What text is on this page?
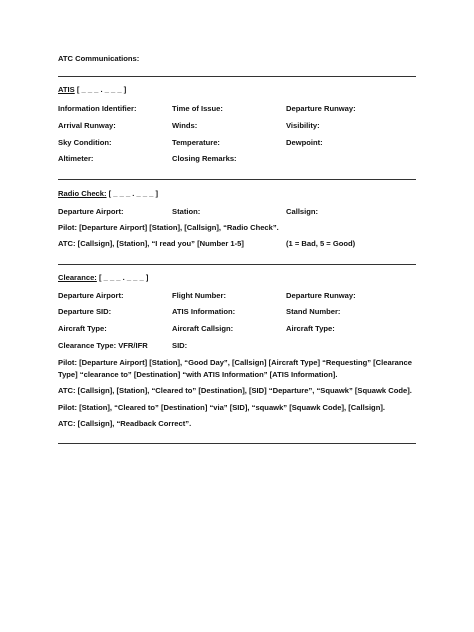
ATC Communications:
ATIS [ _ _ _ . _ _ _ ]
Information Identifier:	Time of Issue:	Departure Runway:
Arrival Runway:	Winds:	Visibility:
Sky Condition:	Temperature:	Dewpoint:
Altimeter:	Closing Remarks:
Radio Check: [ _ _ _ . _ _ _ ]
Departure Airport:	Station:	Callsign:
Pilot: [Departure Airport] [Station], [Callsign], “Radio Check”.
ATC: [Callsign], [Station], “I read you” [Number 1-5]	(1 = Bad, 5 = Good)
Clearance: [ _ _ _ . _ _ _ ]
Departure Airport:	Flight Number:	Departure Runway:
Departure SID:	ATIS Information:	Stand Number:
Aircraft Type:	Aircraft Callsign:	Aircraft Type:
Clearance Type: VFR/IFR	SID:
Pilot: [Departure Airport] [Station], “Good Day”, [Callsign] [Aircraft Type] “Requesting” [Clearance Type] “clearance to” [Destination] “with ATIS Information” [ATIS Information].
ATC: [Callsign], [Station], “Cleared to” [Destination], [SID] “Departure”, “Squawk” [Squawk Code].
Pilot: [Station], “Cleared to” [Destination] “via” [SID], “squawk” [Squawk Code], [Callsign].
ATC: [Callsign], “Readback Correct”.
